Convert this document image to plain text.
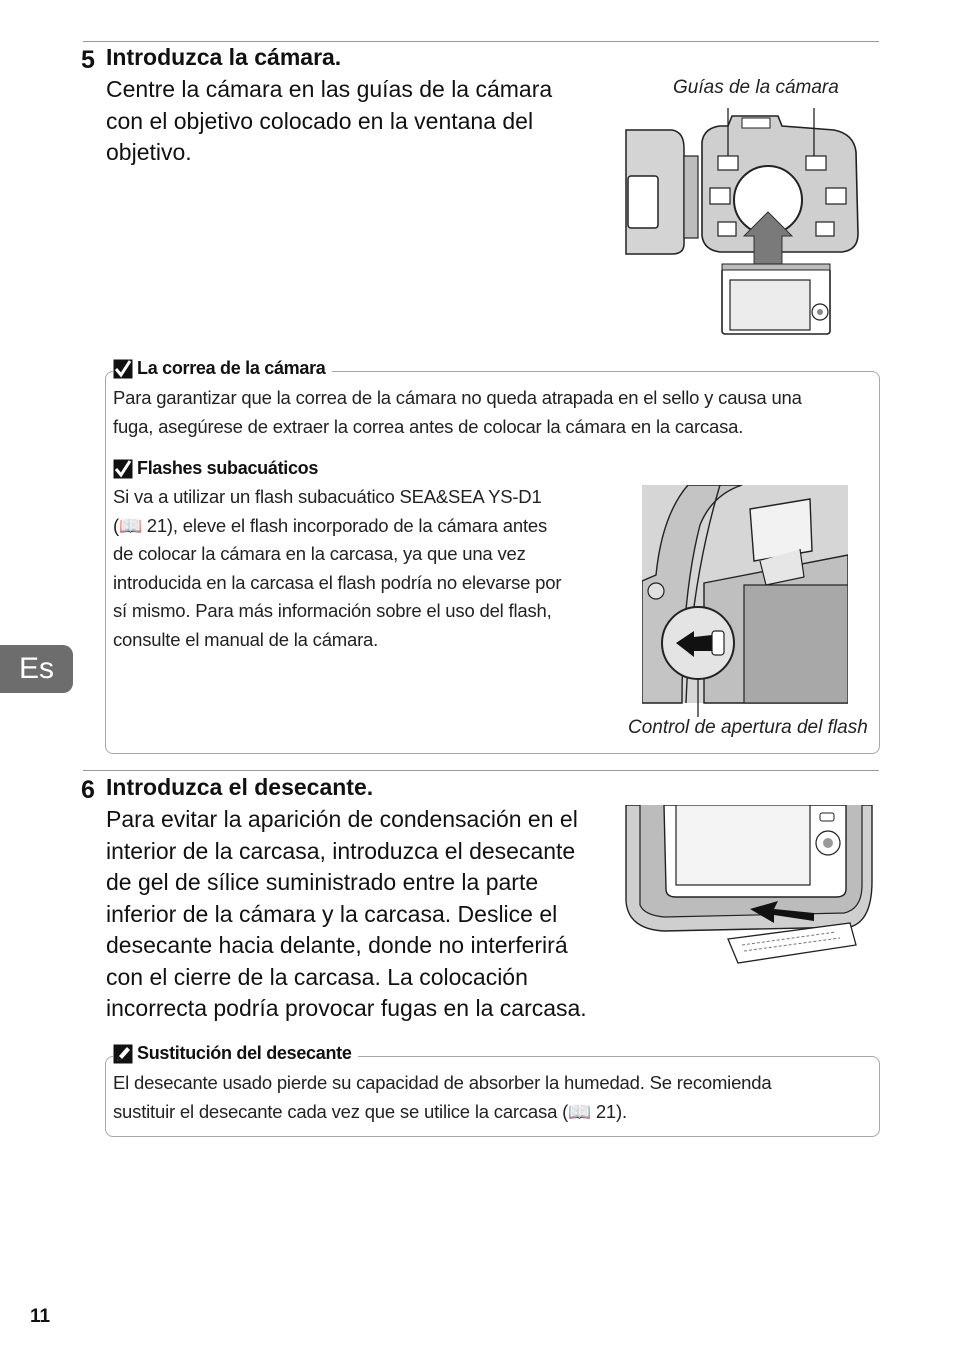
5 Introduzca la cámara.
Centre la cámara en las guías de la cámara
con el objetivo colocado en la ventana del
objetivo.
Guías de la cámara
La correa de la cámara
Para garantizar que la correa de la cámara no queda atrapada en el sello y causa una
fuga, asegúrese de extraer la correa antes de colocar la cámara en la carcasa.
Flashes subacuáticos
Si va a utilizar un flash subacuático SEA&SEA YS-D1
(📖 21), eleve el flash incorporado de la cámara antes
de colocar la cámara en la carcasa, ya que una vez
introducida en la carcasa el flash podría no elevarse por
sí mismo. Para más información sobre el uso del flash,
consulte el manual de la cámara.
Control de apertura del flash
Es
6 Introduzca el desecante.
Para evitar la aparición de condensación en el
interior de la carcasa, introduzca el desecante
de gel de sílice suministrado entre la parte
inferior de la cámara y la carcasa. Deslice el
desecante hacia delante, donde no interferirá
con el cierre de la carcasa. La colocación
incorrecta podría provocar fugas en la carcasa.
Sustitución del desecante
El desecante usado pierde su capacidad de absorber la humedad. Se recomienda
sustituir el desecante cada vez que se utilice la carcasa (📖 21).
11
